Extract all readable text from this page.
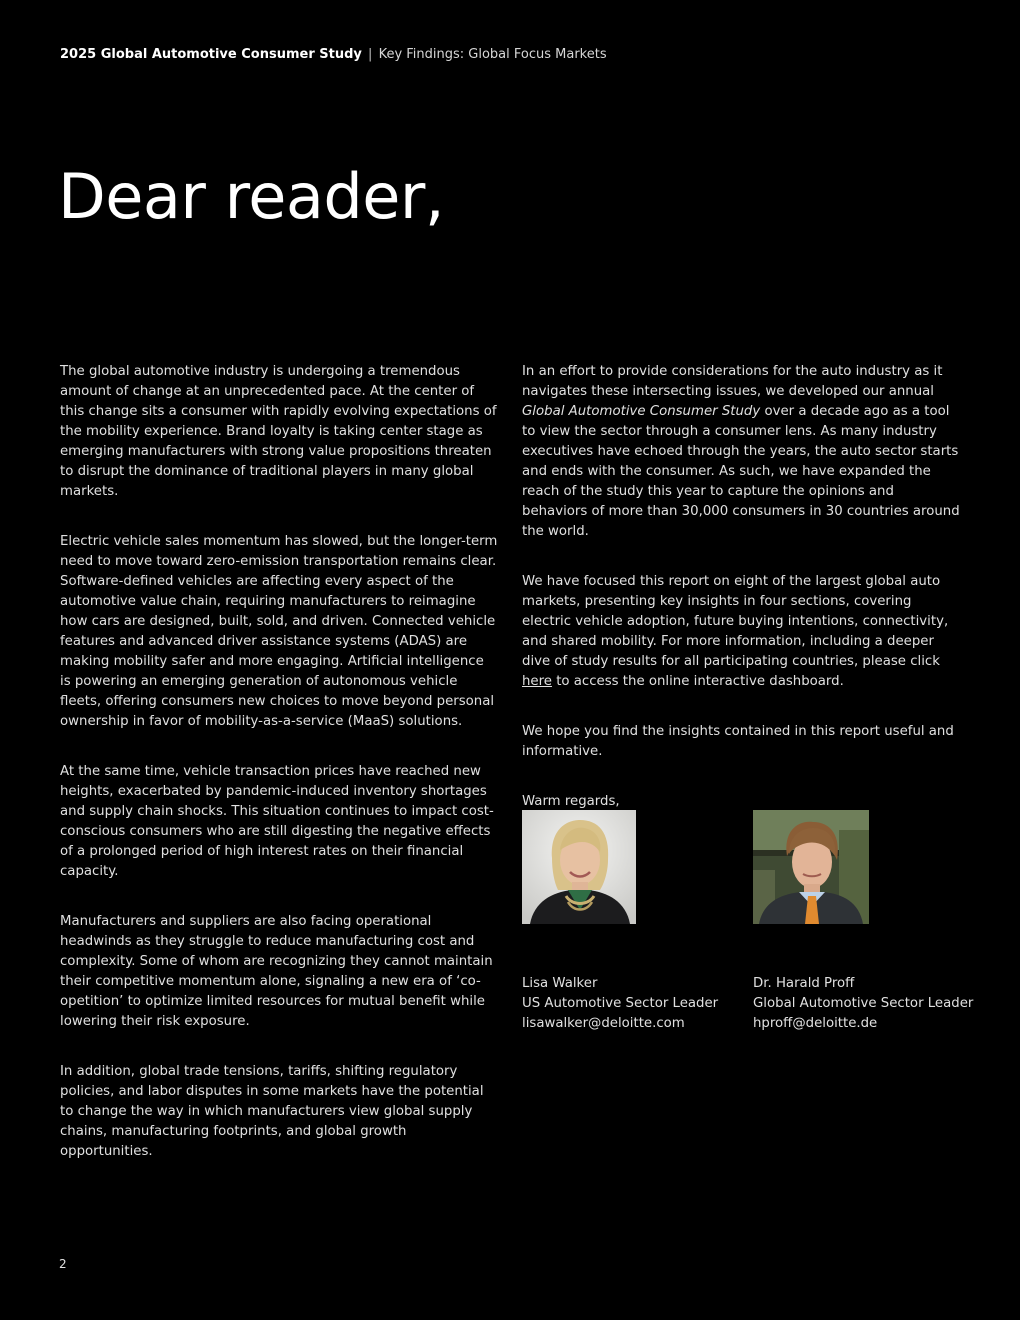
2025 Global Automotive Consumer Study | Key Findings: Global Focus Markets
Dear reader,

The global automotive industry is undergoing a tremendous amount of change at an unprecedented pace. At the center of this change sits a consumer with rapidly evolving expectations of the mobility experience. Brand loyalty is taking center stage as emerging manufacturers with strong value propositions threaten to disrupt the dominance of traditional players in many global markets.

Electric vehicle sales momentum has slowed, but the longer-term need to move toward zero-emission transportation remains clear. Software-defined vehicles are affecting every aspect of the automotive value chain, requiring manufacturers to reimagine how cars are designed, built, sold, and driven. Connected vehicle features and advanced driver assistance systems (ADAS) are making mobility safer and more engaging. Artificial intelligence is powering an emerging generation of autonomous vehicle fleets, offering consumers new choices to move beyond personal ownership in favor of mobility-as-a-service (MaaS) solutions.

At the same time, vehicle transaction prices have reached new heights, exacerbated by pandemic-induced inventory shortages and supply chain shocks. This situation continues to impact cost-conscious consumers who are still digesting the negative effects of a prolonged period of high interest rates on their financial capacity.

Manufacturers and suppliers are also facing operational headwinds as they struggle to reduce manufacturing cost and complexity. Some of whom are recognizing they cannot maintain their competitive momentum alone, signaling a new era of ‘co-opetition’ to optimize limited resources for mutual benefit while lowering their risk exposure.

In addition, global trade tensions, tariffs, shifting regulatory policies, and labor disputes in some markets have the potential to change the way in which manufacturers view global supply chains, manufacturing footprints, and global growth opportunities.

In an effort to provide considerations for the auto industry as it navigates these intersecting issues, we developed our annual Global Automotive Consumer Study over a decade ago as a tool to view the sector through a consumer lens. As many industry executives have echoed through the years, the auto sector starts and ends with the consumer. As such, we have expanded the reach of the study this year to capture the opinions and behaviors of more than 30,000 consumers in 30 countries around the world.

We have focused this report on eight of the largest global auto markets, presenting key insights in four sections, covering electric vehicle adoption, future buying intentions, connectivity, and shared mobility. For more information, including a deeper dive of study results for all participating countries, please click here to access the online interactive dashboard.

We hope you find the insights contained in this report useful and informative.

Warm regards,

Lisa Walker
US Automotive Sector Leader
lisawalker@deloitte.com
Dr. Harald Proff
Global Automotive Sector Leader
hproff@deloitte.de
2
